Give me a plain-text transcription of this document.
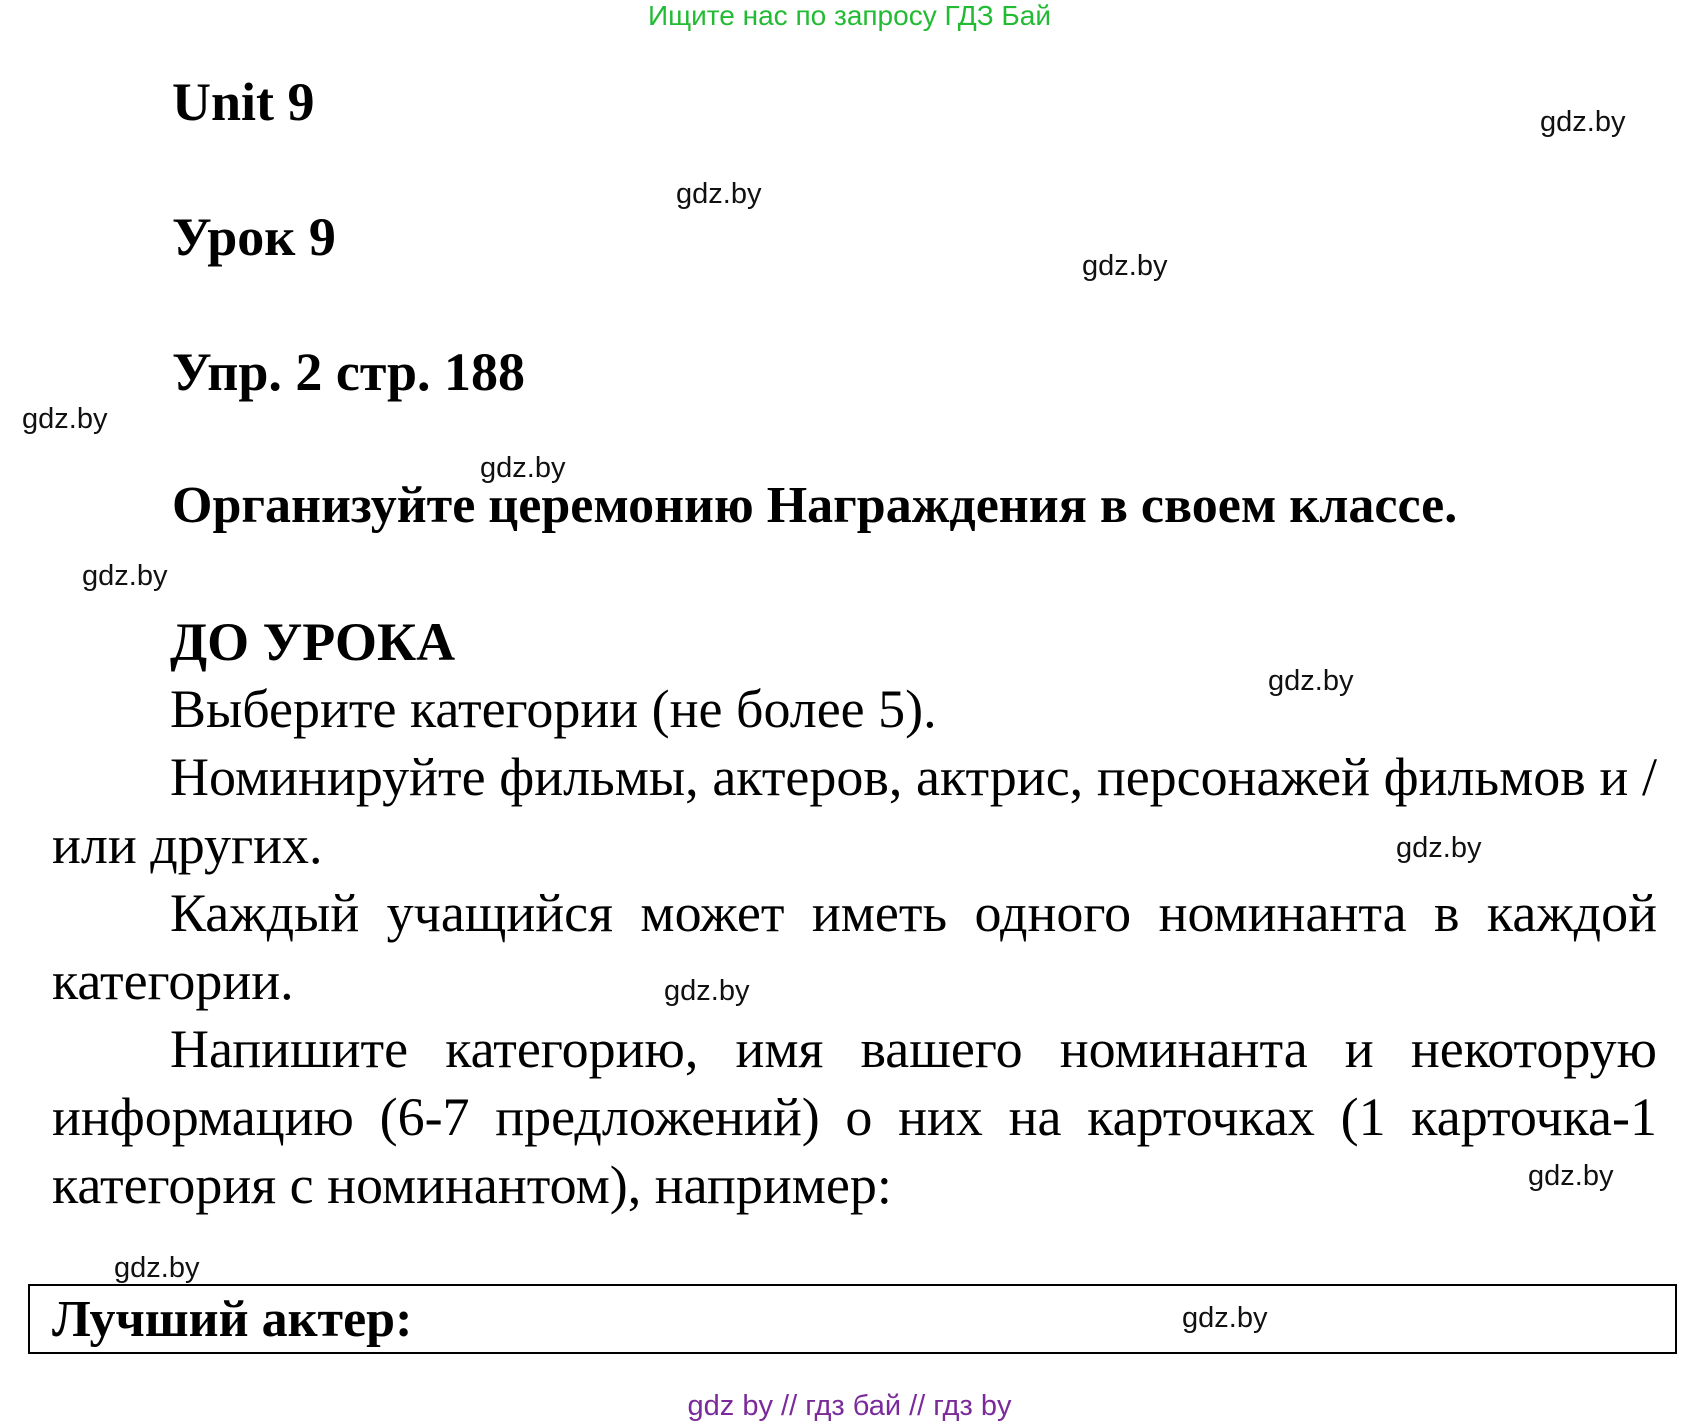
Ищите нас по запросу ГДЗ Бай
Unit 9
Урок 9
Упр. 2 стр. 188
Организуйте церемонию Награждения в своем классе.
ДО УРОКА

Выберите категории (не более 5).

Номинируйте фильмы, актеров, актрис, персонажей фильмов и / или других.

Каждый учащийся может иметь одного номинанта в каждой категории.

Напишите категорию, имя вашего номинанта и некоторую информацию (6-7 предложений) о них на карточках (1 карточка-1 категория с номинантом), например:

Лучший актер:
gdz.by
gdz.by
gdz.by
gdz.by
gdz.by
gdz.by
gdz.by
gdz.by
gdz.by
gdz.by
gdz.by
gdz.by
gdz by // гдз бай // гдз by
